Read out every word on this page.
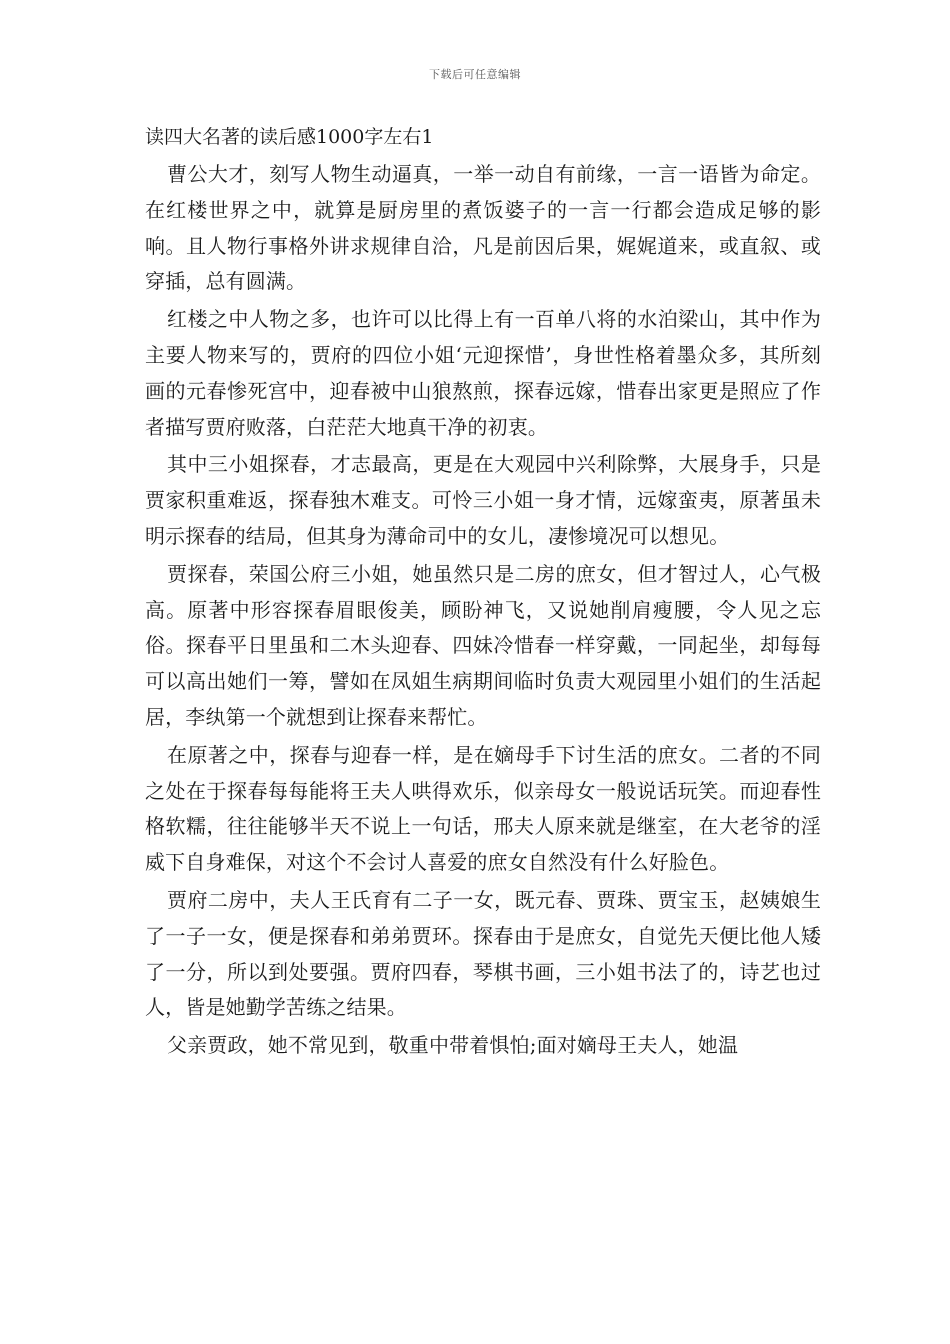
下载后可任意编辑
读四大名著的读后感1000字左右1

曹公大才，刻写人物生动逼真，一举一动自有前缘，一言一语皆为命定。在红楼世界之中，就算是厨房里的煮饭婆子的一言一行都会造成足够的影响。且人物行事格外讲求规律自洽，凡是前因后果，娓娓道来，或直叙、或穿插，总有圆满。

红楼之中人物之多，也许可以比得上有一百单八将的水泊梁山，其中作为主要人物来写的，贾府的四位小姐‘元迎探惜’，身世性格着墨众多，其所刻画的元春惨死宫中，迎春被中山狼熬煎，探春远嫁，惜春出家更是照应了作者描写贾府败落，白茫茫大地真干净的初衷。

其中三小姐探春，才志最高，更是在大观园中兴利除弊，大展身手，只是贾家积重难返，探春独木难支。可怜三小姐一身才情，远嫁蛮夷，原著虽未明示探春的结局，但其身为薄命司中的女儿，凄惨境况可以想见。

贾探春，荣国公府三小姐，她虽然只是二房的庶女，但才智过人，心气极高。原著中形容探春眉眼俊美，顾盼神飞，又说她削肩瘦腰，令人见之忘俗。探春平日里虽和二木头迎春、四妹冷惜春一样穿戴，一同起坐，却每每可以高出她们一筹，譬如在凤姐生病期间临时负责大观园里小姐们的生活起居，李纨第一个就想到让探春来帮忙。

在原著之中，探春与迎春一样，是在嫡母手下讨生活的庶女。二者的不同之处在于探春每每能将王夫人哄得欢乐，似亲母女一般说话玩笑。而迎春性格软糯，往往能够半天不说上一句话，邢夫人原来就是继室，在大老爷的淫威下自身难保，对这个不会讨人喜爱的庶女自然没有什么好脸色。

贾府二房中，夫人王氏育有二子一女，既元春、贾珠、贾宝玉，赵姨娘生了一子一女，便是探春和弟弟贾环。探春由于是庶女，自觉先天便比他人矮了一分，所以到处要强。贾府四春，琴棋书画，三小姐书法了的，诗艺也过人，皆是她勤学苦练之结果。

父亲贾政，她不常见到，敬重中带着惧怕;面对嫡母王夫人，她温
